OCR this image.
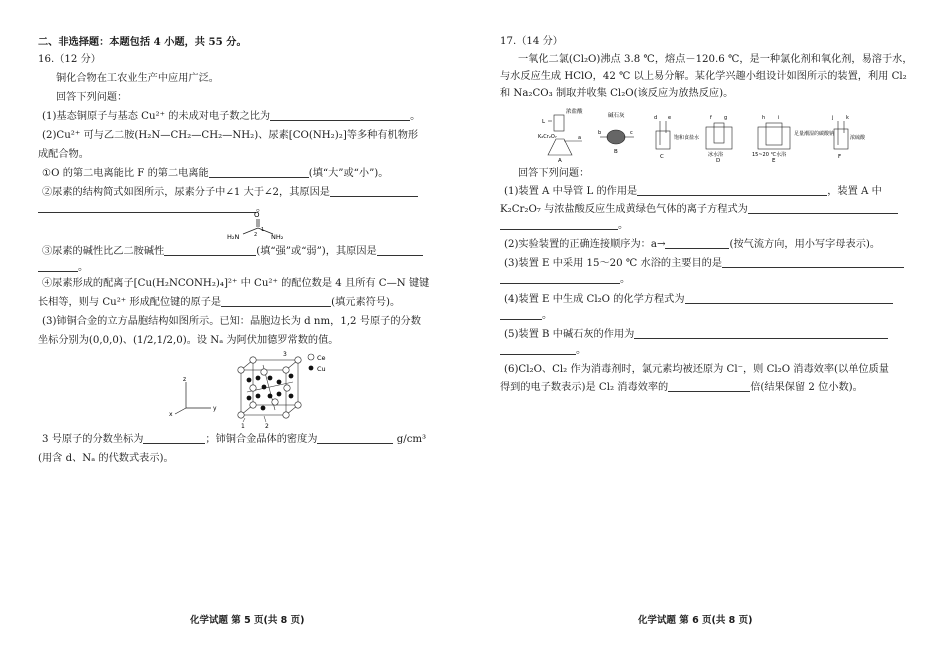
二、非选择题：本题包括 4 小题，共 55 分。
16.（12 分）
铜化合物在工农业生产中应用广泛。
回答下列问题：
(1)基态铜原子与基态 Cu²⁺ 的未成对电子数之比为	。
(2)Cu²⁺ 可与乙二胺(H₂N—CH₂—CH₂—NH₂)、尿素[CO(NH₂)₂]等多种有机物形
成配合物。
①O 的第二电离能比 F 的第二电离能	(填“大”或“小”)。
②尿素的结构简式如图所示，尿素分子中∠1 大于∠2，其原因是
。
O
H₂N	NH₂
2
1
③尿素的碱性比乙二胺碱性	(填“强”或“弱”)，其原因是
。
④尿素形成的配离子[Cu(H₂NCONH₂)₄]²⁺ 中 Cu²⁺ 的配位数是 4 且所有 C—N 键键
长相等，则与 Cu²⁺ 形成配位键的原子是	(填元素符号)。
(3)铈铜合金的立方晶胞结构如图所示。已知：晶胞边长为 d nm，1,2 号原子的分数
坐标分别为(0,0,0)、(1/2,1/2,0)。设 Nₐ 为阿伏加德罗常数的值。
z
y
x
Ce
Cu
3
1	2
3 号原子的分数坐标为	；铈铜合金晶体的密度为	g/cm³
(用含 d、Nₐ 的代数式表示)。
化学试题 第 5 页(共 8 页)
17.（14 分）
一氧化二氯(Cl₂O)沸点 3.8 ℃，熔点－120.6 ℃，是一种氯化剂和氧化剂，易溶于水，
与水反应生成 HClO，42 ℃ 以上易分解。某化学兴趣小组设计如图所示的装置，利用 Cl₂
和 Na₂CO₃ 制取并收集 Cl₂O(该反应为放热反应)。
L
浓盐酸
K₂Cr₂O₇	a
A
碱石灰
b	c
B
d e
饱和食盐水
C
f g
冰水浴
D
h	i
15~20 ℃水浴
E
足量潮湿的碳酸钠
j	k
浓硫酸
F
回答下列问题：
(1)装置 A 中导管 L 的作用是	，装置 A 中
K₂Cr₂O₇ 与浓盐酸反应生成黄绿色气体的离子方程式为
。
(2)实验装置的正确连接顺序为：a→	(按气流方向，用小写字母表示)。
(3)装置 E 中采用 15～20 ℃ 水浴的主要目的是
。
(4)装置 E 中生成 Cl₂O 的化学方程式为
。
(5)装置 B 中碱石灰的作用为
。
(6)Cl₂O、Cl₂ 作为消毒剂时，氯元素均被还原为 Cl⁻，则 Cl₂O 消毒效率(以单位质量
得到的电子数表示)是 Cl₂ 消毒效率的	倍(结果保留 2 位小数)。
化学试题 第 6 页(共 8 页)
